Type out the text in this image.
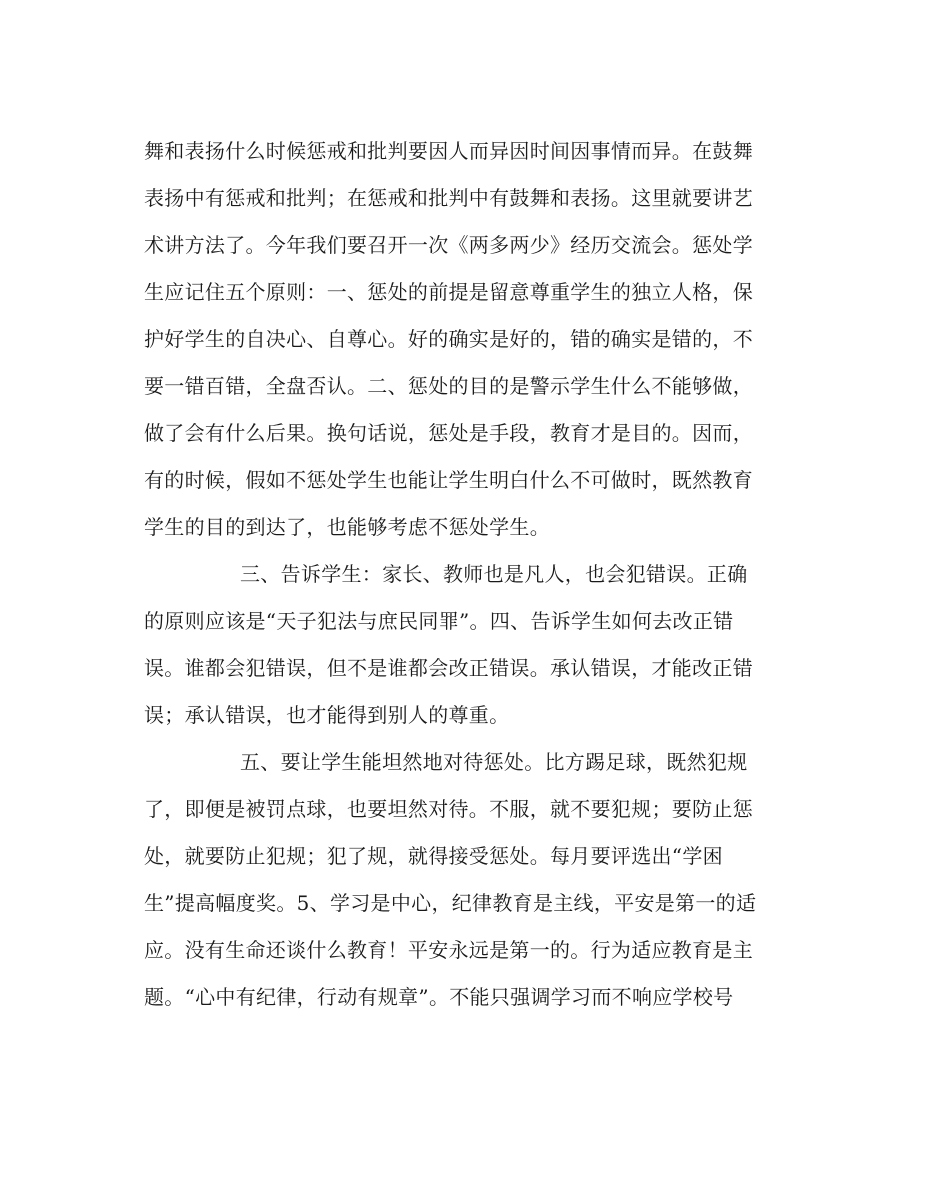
舞和表扬什么时候惩戒和批判要因人而异因时间因事情而异。在鼓舞
表扬中有惩戒和批判；在惩戒和批判中有鼓舞和表扬。这里就要讲艺
术讲方法了。今年我们要召开一次《两多两少》经历交流会。惩处学
生应记住五个原则：一、惩处的前提是留意尊重学生的独立人格，保
护好学生的自决心、自尊心。好的确实是好的，错的确实是错的，不
要一错百错，全盘否认。二、惩处的目的是警示学生什么不能够做，
做了会有什么后果。换句话说，惩处是手段，教育才是目的。因而，
有的时候，假如不惩处学生也能让学生明白什么不可做时，既然教育
学生的目的到达了，也能够考虑不惩处学生。
三、告诉学生：家长、教师也是凡人，也会犯错误。正确
的原则应该是“天子犯法与庶民同罪”。四、告诉学生如何去改正错
误。谁都会犯错误，但不是谁都会改正错误。承认错误，才能改正错
误；承认错误，也才能得到别人的尊重。
五、要让学生能坦然地对待惩处。比方踢足球，既然犯规
了，即便是被罚点球，也要坦然对待。不服，就不要犯规；要防止惩
处，就要防止犯规；犯了规，就得接受惩处。每月要评选出“学困
生”提高幅度奖。5、学习是中心，纪律教育是主线，平安是第一的适
应。没有生命还谈什么教育！平安永远是第一的。行为适应教育是主
题。“心中有纪律，行动有规章”。不能只强调学习而不响应学校号
